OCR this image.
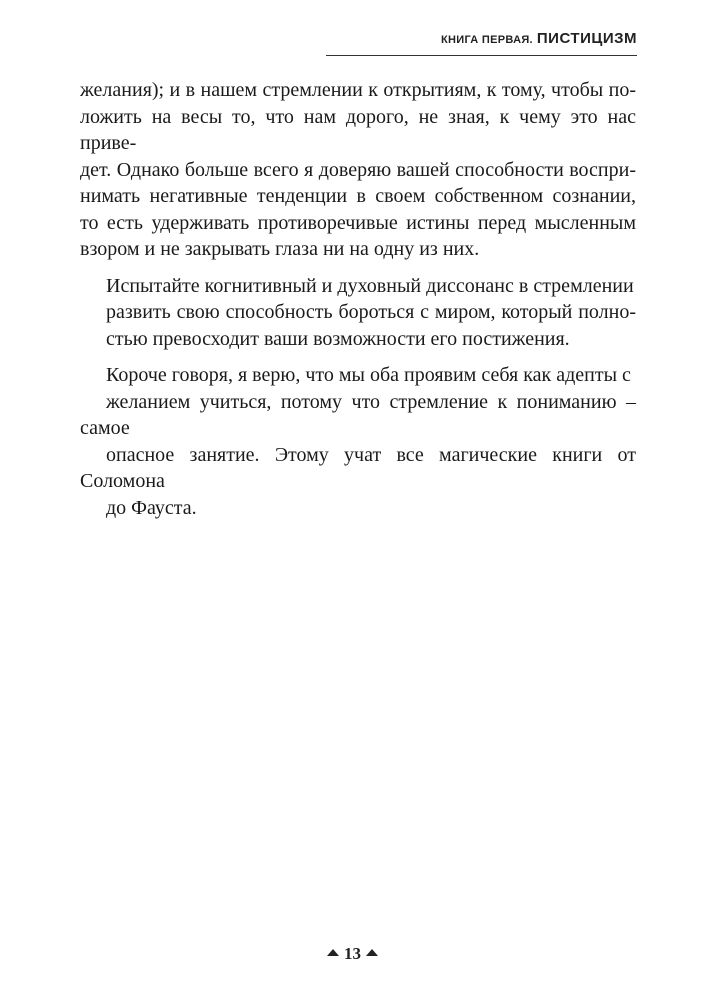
КНИГА ПЕРВАЯ. ПИСТИЦИЗМ

желания); и в нашем стремлении к открытиям, к тому, чтобы по-
ложить на весы то, что нам дорого, не зная, к чему это нас приве-
дет. Однако больше всего я доверяю вашей способности воспри-
нимать негативные тенденции в своем собственном сознании,
то есть удерживать противоречивые истины перед мысленным
взором и не закрывать глаза ни на одну из них.

Испытайте когнитивный и духовный диссонанс в стремлении

развить свою способность бороться с миром, который полно-
стью превосходит ваши возможности его постижения.

Короче говоря, я верю, что мы оба проявим себя как адепты с

желанием учиться, потому что стремление к пониманию – самое
опасное занятие. Этому учат все магические книги от Соломона
до Фауста.

13
